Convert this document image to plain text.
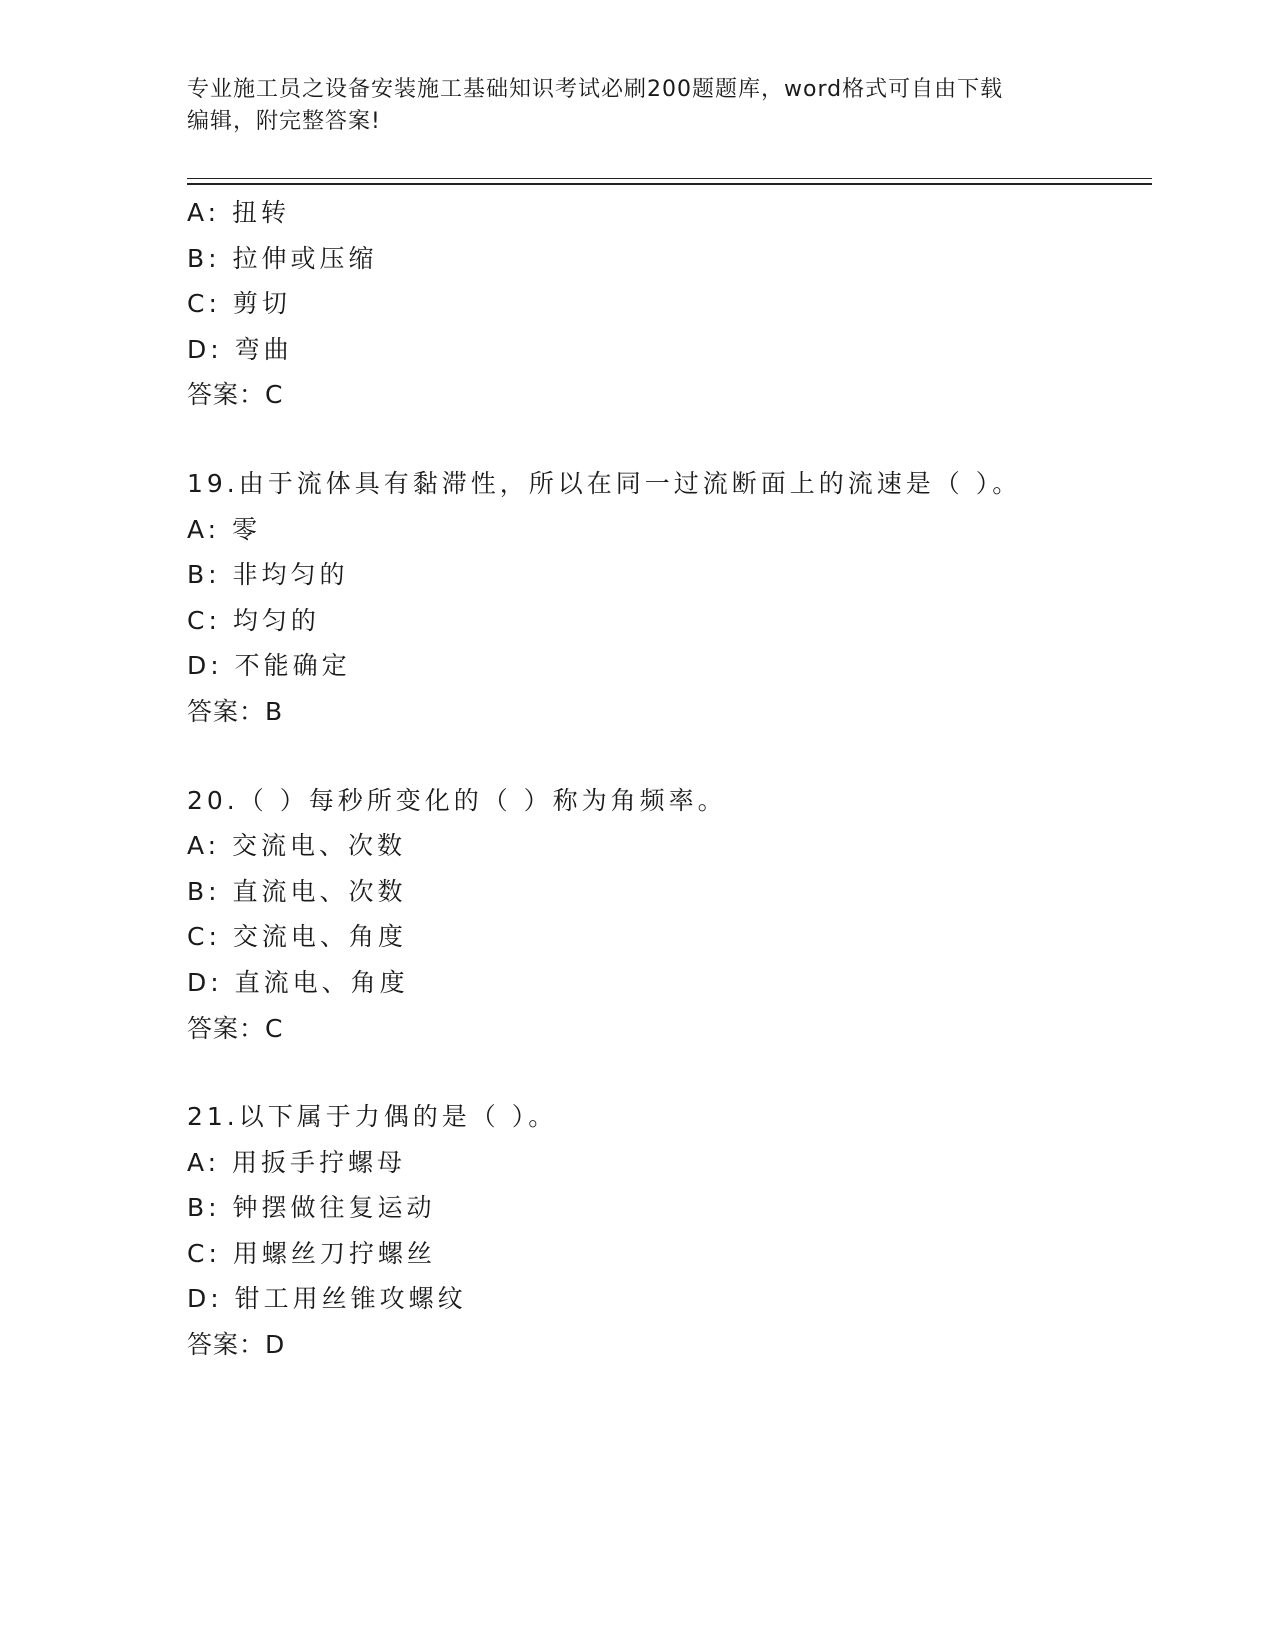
专业施工员之设备安装施工基础知识考试必刷200题题库，word格式可自由下载
编辑，附完整答案!
A: 扭转
B: 拉伸或压缩
C: 剪切
D: 弯曲
答案：C
19.由于流体具有黏滞性，所以在同一过流断面上的流速是（ ）。
A: 零
B: 非均匀的
C: 均匀的
D: 不能确定
答案：B
20.（ ）每秒所变化的（ ）称为角频率。
A: 交流电、次数
B: 直流电、次数
C: 交流电、角度
D: 直流电、角度
答案：C
21.以下属于力偶的是（ ）。
A: 用扳手拧螺母
B: 钟摆做往复运动
C: 用螺丝刀拧螺丝
D: 钳工用丝锥攻螺纹
答案：D
